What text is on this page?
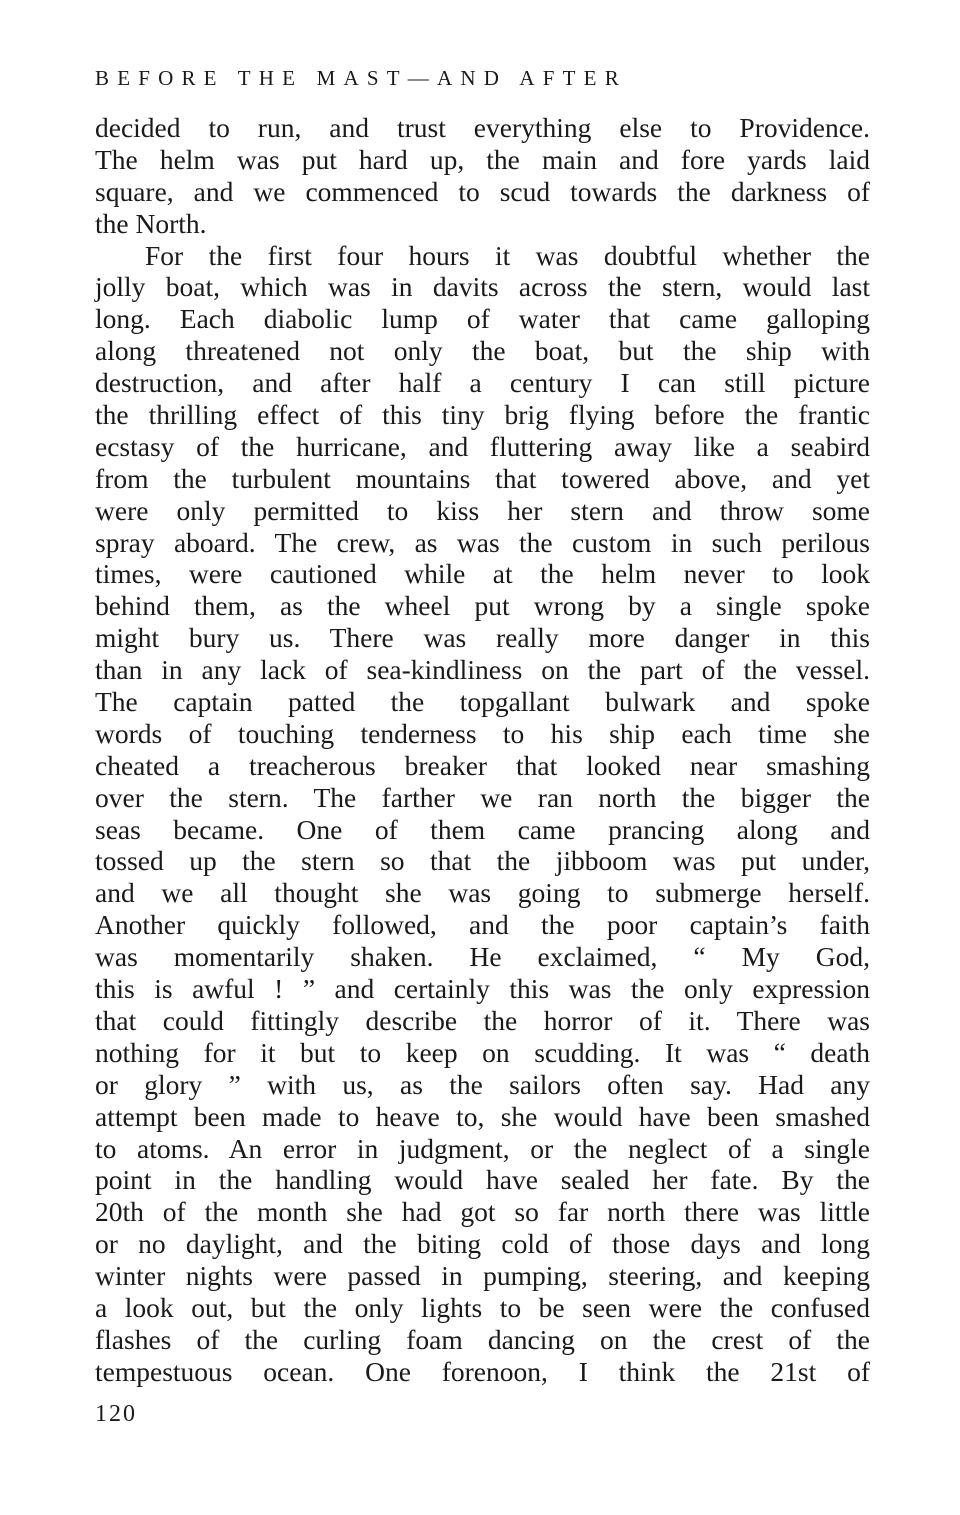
BEFORE THE MAST—AND AFTER
decided to run, and trust everything else to Providence.
The helm was put hard up, the main and fore yards laid
square, and we commenced to scud towards the darkness of
the North.
For the first four hours it was doubtful whether the
jolly boat, which was in davits across the stern, would last
long. Each diabolic lump of water that came galloping
along threatened not only the boat, but the ship with
destruction, and after half a century I can still picture
the thrilling effect of this tiny brig flying before the frantic
ecstasy of the hurricane, and fluttering away like a seabird
from the turbulent mountains that towered above, and yet
were only permitted to kiss her stern and throw some
spray aboard. The crew, as was the custom in such perilous
times, were cautioned while at the helm never to look
behind them, as the wheel put wrong by a single spoke
might bury us. There was really more danger in this
than in any lack of sea-kindliness on the part of the vessel.
The captain patted the topgallant bulwark and spoke
words of touching tenderness to his ship each time she
cheated a treacherous breaker that looked near smashing
over the stern. The farther we ran north the bigger the
seas became. One of them came prancing along and
tossed up the stern so that the jibboom was put under,
and we all thought she was going to submerge herself.
Another quickly followed, and the poor captain’s faith
was momentarily shaken. He exclaimed, “ My God,
this is awful ! ” and certainly this was the only expression
that could fittingly describe the horror of it. There was
nothing for it but to keep on scudding. It was “ death
or glory ” with us, as the sailors often say. Had any
attempt been made to heave to, she would have been smashed
to atoms. An error in judgment, or the neglect of a single
point in the handling would have sealed her fate. By the
20th of the month she had got so far north there was little
or no daylight, and the biting cold of those days and long
winter nights were passed in pumping, steering, and keeping
a look out, but the only lights to be seen were the confused
flashes of the curling foam dancing on the crest of the
tempestuous ocean. One forenoon, I think the 21st of
120
